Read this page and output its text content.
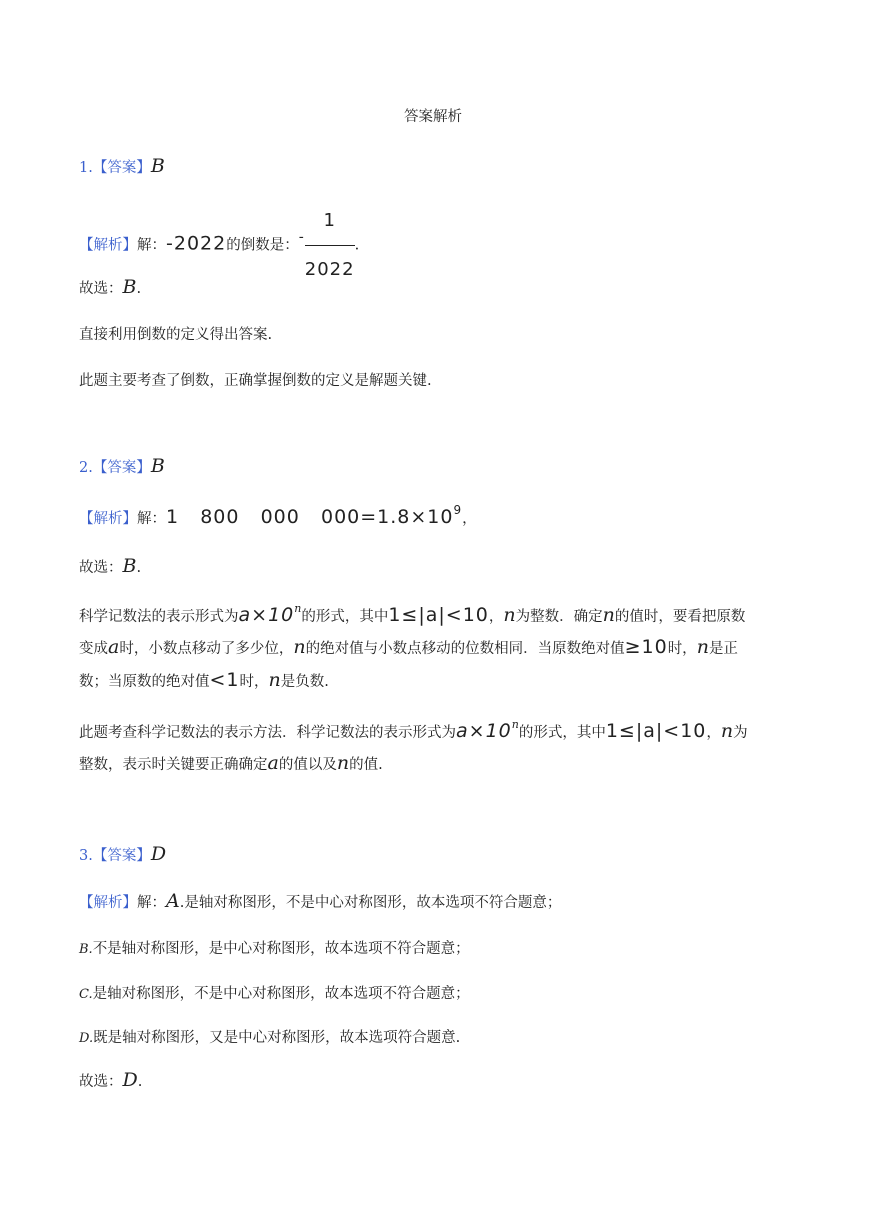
答案解析
1.【答案】B
【解析】解：-2022的倒数是：- $\frac{1}{2022}$ .
故选：B.
直接利用倒数的定义得出答案.
此题主要考查了倒数，正确掌握倒数的定义是解题关键.
2.【答案】B
【解析】解：1   800   000   $000=1.8\times 10^9$，
故选：B.
科学记数法的表示形式为$a\times 10^n$的形式，其中1≤|a|<10，n为整数．确定n的值时，要看把原数
变成a时，小数点移动了多少位，n的绝对值与小数点移动的位数相同．当原数绝对值≥10时，n是正
数；当原数的绝对值<1时，n是负数.
此题考查科学记数法的表示方法．科学记数法的表示形式为$a\times 10^n$的形式，其中1≤|a|<10，n为
整数，表示时关键要正确确定a的值以及n的值.
3.【答案】D
【解析】解：A.是轴对称图形，不是中心对称图形，故本选项不符合题意；
B.不是轴对称图形，是中心对称图形，故本选项不符合题意；
C.是轴对称图形，不是中心对称图形，故本选项不符合题意；
D.既是轴对称图形，又是中心对称图形，故本选项符合题意.
故选：D.
